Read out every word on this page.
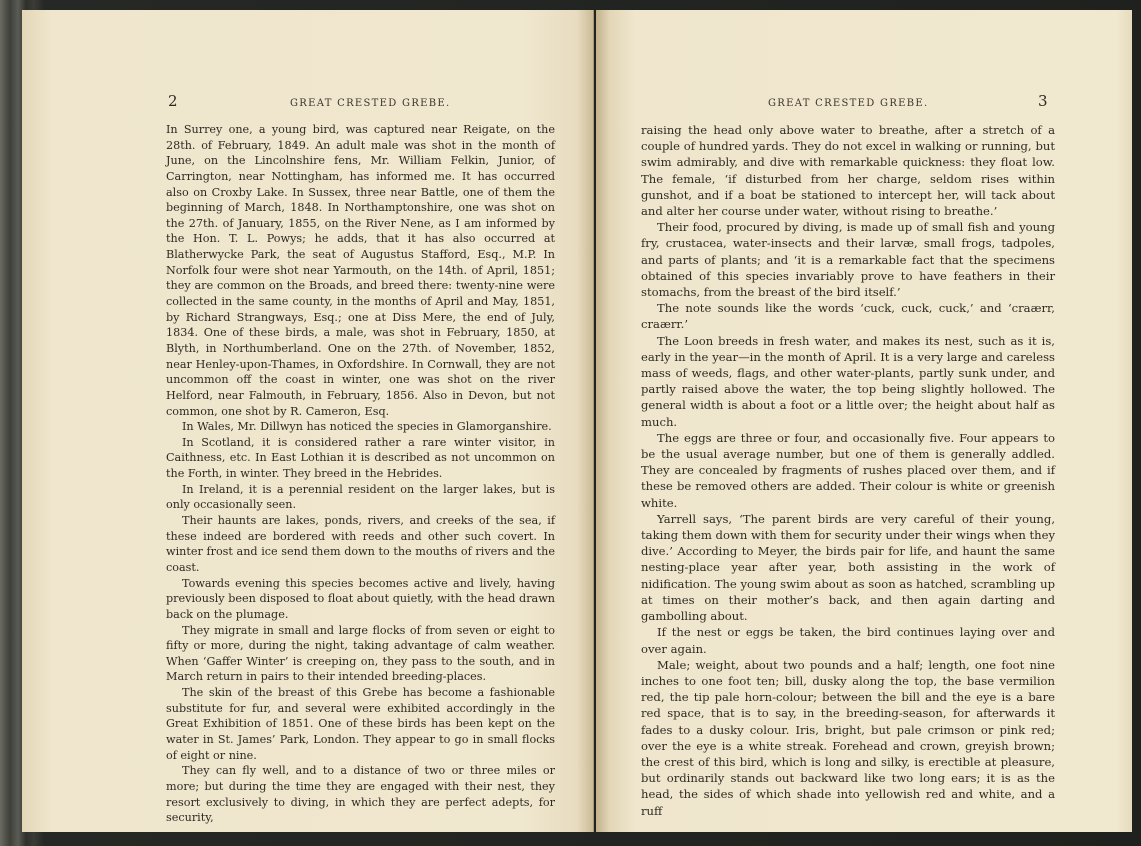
2	GREAT CRESTED GREBE.

In Surrey one, a young bird, was captured near Reigate, on the 28th. of February, 1849. An adult male was shot in the month of June, on the Lincolnshire fens, Mr. William Felkin, Junior, of Carrington, near Nottingham, has informed me. It has occurred also on Croxby Lake. In Sussex, three near Battle, one of them the beginning of March, 1848. In Northamptonshire, one was shot on the 27th. of January, 1855, on the River Nene, as I am informed by the Hon. T. L. Powys; he adds, that it has also occurred at Blatherwycke Park, the seat of Augustus Stafford, Esq., M.P. In Norfolk four were shot near Yarmouth, on the 14th. of April, 1851; they are common on the Broads, and breed there: twenty-nine were collected in the same county, in the months of April and May, 1851, by Richard Strangways, Esq.; one at Diss Mere, the end of July, 1834. One of these birds, a male, was shot in February, 1850, at Blyth, in Northumberland. One on the 27th. of November, 1852, near Henley-upon-Thames, in Oxfordshire. In Cornwall, they are not uncommon off the coast in winter, one was shot on the river Helford, near Falmouth, in February, 1856. Also in Devon, but not common, one shot by R. Cameron, Esq.

In Wales, Mr. Dillwyn has noticed the species in Glamorganshire.

In Scotland, it is considered rather a rare winter visitor, in Caithness, etc. In East Lothian it is described as not uncommon on the Forth, in winter. They breed in the Hebrides.

In Ireland, it is a perennial resident on the larger lakes, but is only occasionally seen.

Their haunts are lakes, ponds, rivers, and creeks of the sea, if these indeed are bordered with reeds and other such covert. In winter frost and ice send them down to the mouths of rivers and the coast.

Towards evening this species becomes active and lively, having previously been disposed to float about quietly, with the head drawn back on the plumage.

They migrate in small and large flocks of from seven or eight to fifty or more, during the night, taking advantage of calm weather. When ‘Gaffer Winter’ is creeping on, they pass to the south, and in March return in pairs to their intended breeding-places.

The skin of the breast of this Grebe has become a fashionable substitute for fur, and several were exhibited accordingly in the Great Exhibition of 1851. One of these birds has been kept on the water in St. James’ Park, London. They appear to go in small flocks of eight or nine.

They can fly well, and to a distance of two or three miles or more; but during the time they are engaged with their nest, they resort exclusively to diving, in which they are perfect adepts, for security,

GREAT CRESTED GREBE.	3

raising the head only above water to breathe, after a stretch of a couple of hundred yards. They do not excel in walking or running, but swim admirably, and dive with remarkable quickness: they float low. The female, ‘if disturbed from her charge, seldom rises within gunshot, and if a boat be stationed to intercept her, will tack about and alter her course under water, without rising to breathe.’

Their food, procured by diving, is made up of small fish and young fry, crustacea, water-insects and their larvæ, small frogs, tadpoles, and parts of plants; and ‘it is a remarkable fact that the specimens obtained of this species invariably prove to have feathers in their stomachs, from the breast of the bird itself.’

The note sounds like the words ‘cuck, cuck, cuck,’ and ‘craærr, craærr.’

The Loon breeds in fresh water, and makes its nest, such as it is, early in the year—in the month of April. It is a very large and careless mass of weeds, flags, and other water-plants, partly sunk under, and partly raised above the water, the top being slightly hollowed. The general width is about a foot or a little over; the height about half as much.

The eggs are three or four, and occasionally five. Four appears to be the usual average number, but one of them is generally addled. They are concealed by fragments of rushes placed over them, and if these be removed others are added. Their colour is white or greenish white.

Yarrell says, ‘The parent birds are very careful of their young, taking them down with them for security under their wings when they dive.’ According to Meyer, the birds pair for life, and haunt the same nesting-place year after year, both assisting in the work of nidification. The young swim about as soon as hatched, scrambling up at times on their mother’s back, and then again darting and gambolling about.

If the nest or eggs be taken, the bird continues laying over and over again.

Male; weight, about two pounds and a half; length, one foot nine inches to one foot ten; bill, dusky along the top, the base vermilion red, the tip pale horn-colour; between the bill and the eye is a bare red space, that is to say, in the breeding-season, for afterwards it fades to a dusky colour. Iris, bright, but pale crimson or pink red; over the eye is a white streak. Forehead and crown, greyish brown; the crest of this bird, which is long and silky, is erectible at pleasure, but ordinarily stands out backward like two long ears; it is as the head, the sides of which shade into yellowish red and white, and a ruff
